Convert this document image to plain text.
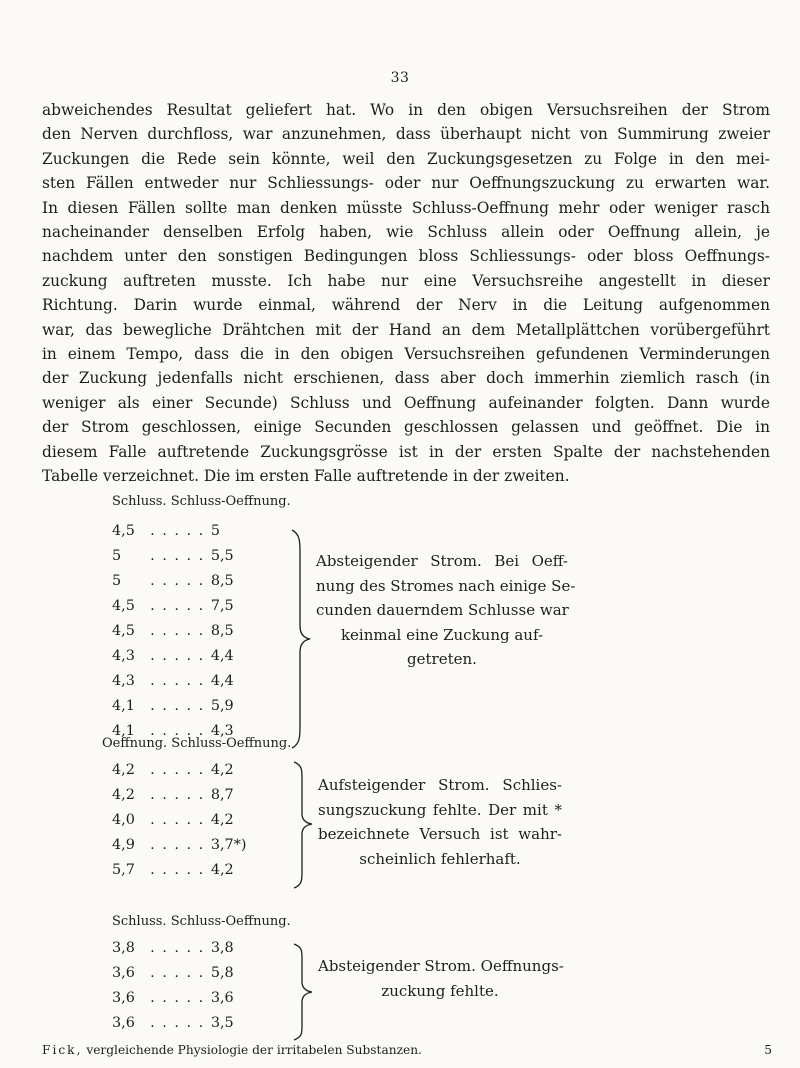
33
abweichendes Resultat geliefert hat. Wo in den obigen Versuchsreihen der Strom
den Nerven durchfloss, war anzunehmen, dass überhaupt nicht von Summirung zweier
Zuckungen die Rede sein könnte, weil den Zuckungsgesetzen zu Folge in den mei-
sten Fällen entweder nur Schliessungs- oder nur Oeffnungszuckung zu erwarten war.
In diesen Fällen sollte man denken müsste Schluss-Oeffnung mehr oder weniger rasch
nacheinander denselben Erfolg haben, wie Schluss allein oder Oeffnung allein, je
nachdem unter den sonstigen Bedingungen bloss Schliessungs- oder bloss Oeffnungs-
zuckung auftreten musste. Ich habe nur eine Versuchsreihe angestellt in dieser
Richtung. Darin wurde einmal, während der Nerv in die Leitung aufgenommen
war, das bewegliche Drähtchen mit der Hand an dem Metallplättchen vorübergeführt
in einem Tempo, dass die in den obigen Versuchsreihen gefundenen Verminderungen
der Zuckung jedenfalls nicht erschienen, dass aber doch immerhin ziemlich rasch (in
weniger als einer Secunde) Schluss und Oeffnung aufeinander folgten. Dann wurde
der Strom geschlossen, einige Secunden geschlossen gelassen und geöffnet. Die in
diesem Falle auftretende Zuckungsgrösse ist in der ersten Spalte der nachstehenden
Tabelle verzeichnet. Die im ersten Falle auftretende in der zweiten.
Schluss. Schluss-Oeffnung.
4,5 . . . . . 5
5 . . . . . 5,5
5 . . . . . 8,5
4,5 . . . . . 7,5
4,5 . . . . . 8,5
4,3 . . . . . 4,4
4,3 . . . . . 4,4
4,1 . . . . . 5,9
4,1 . . . . . 4,3
Absteigender Strom. Bei Oeff-
nung des Stromes nach einige Se-
cunden dauerndem Schlusse war
keinmal eine Zuckung auf-
getreten.
Oeffnung. Schluss-Oeffnung.
4,2 . . . . . 4,2
4,2 . . . . . 8,7
4,0 . . . . . 4,2
4,9 . . . . . 3,7*)
5,7 . . . . . 4,2
Aufsteigender Strom. Schlies-
sungszuckung fehlte. Der mit *
bezeichnete Versuch ist wahr-
scheinlich fehlerhaft.
Schluss. Schluss-Oeffnung.
3,8 . . . . . 3,8
3,6 . . . . . 5,8
3,6 . . . . . 3,6
3,6 . . . . . 3,5
Absteigender Strom. Oeffnungs-
zuckung fehlte.
Fick, vergleichende Physiologie der irritabelen Substanzen.	5
